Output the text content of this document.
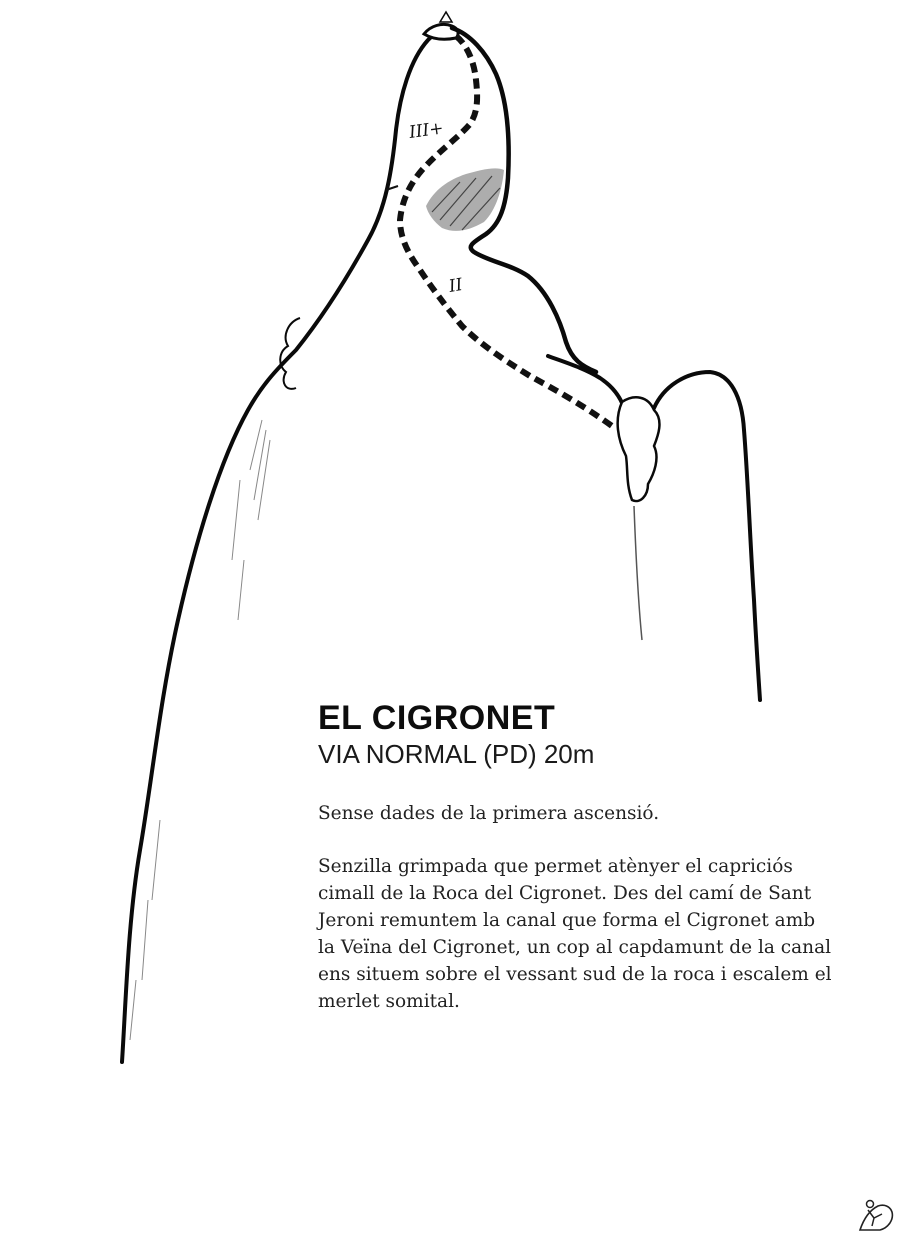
III+
II
EL CIGRONET
VIA NORMAL (PD) 20m

Sense dades de la primera ascensió.

Senzilla grimpada que permet atènyer el capriciós
cimall de la Roca del Cigronet. Des del camí de Sant
Jeroni remuntem la canal que forma el Cigronet amb
la Veïna del Cigronet, un cop al capdamunt de la canal
ens situem sobre el vessant sud de la roca i escalem el
merlet somital.
